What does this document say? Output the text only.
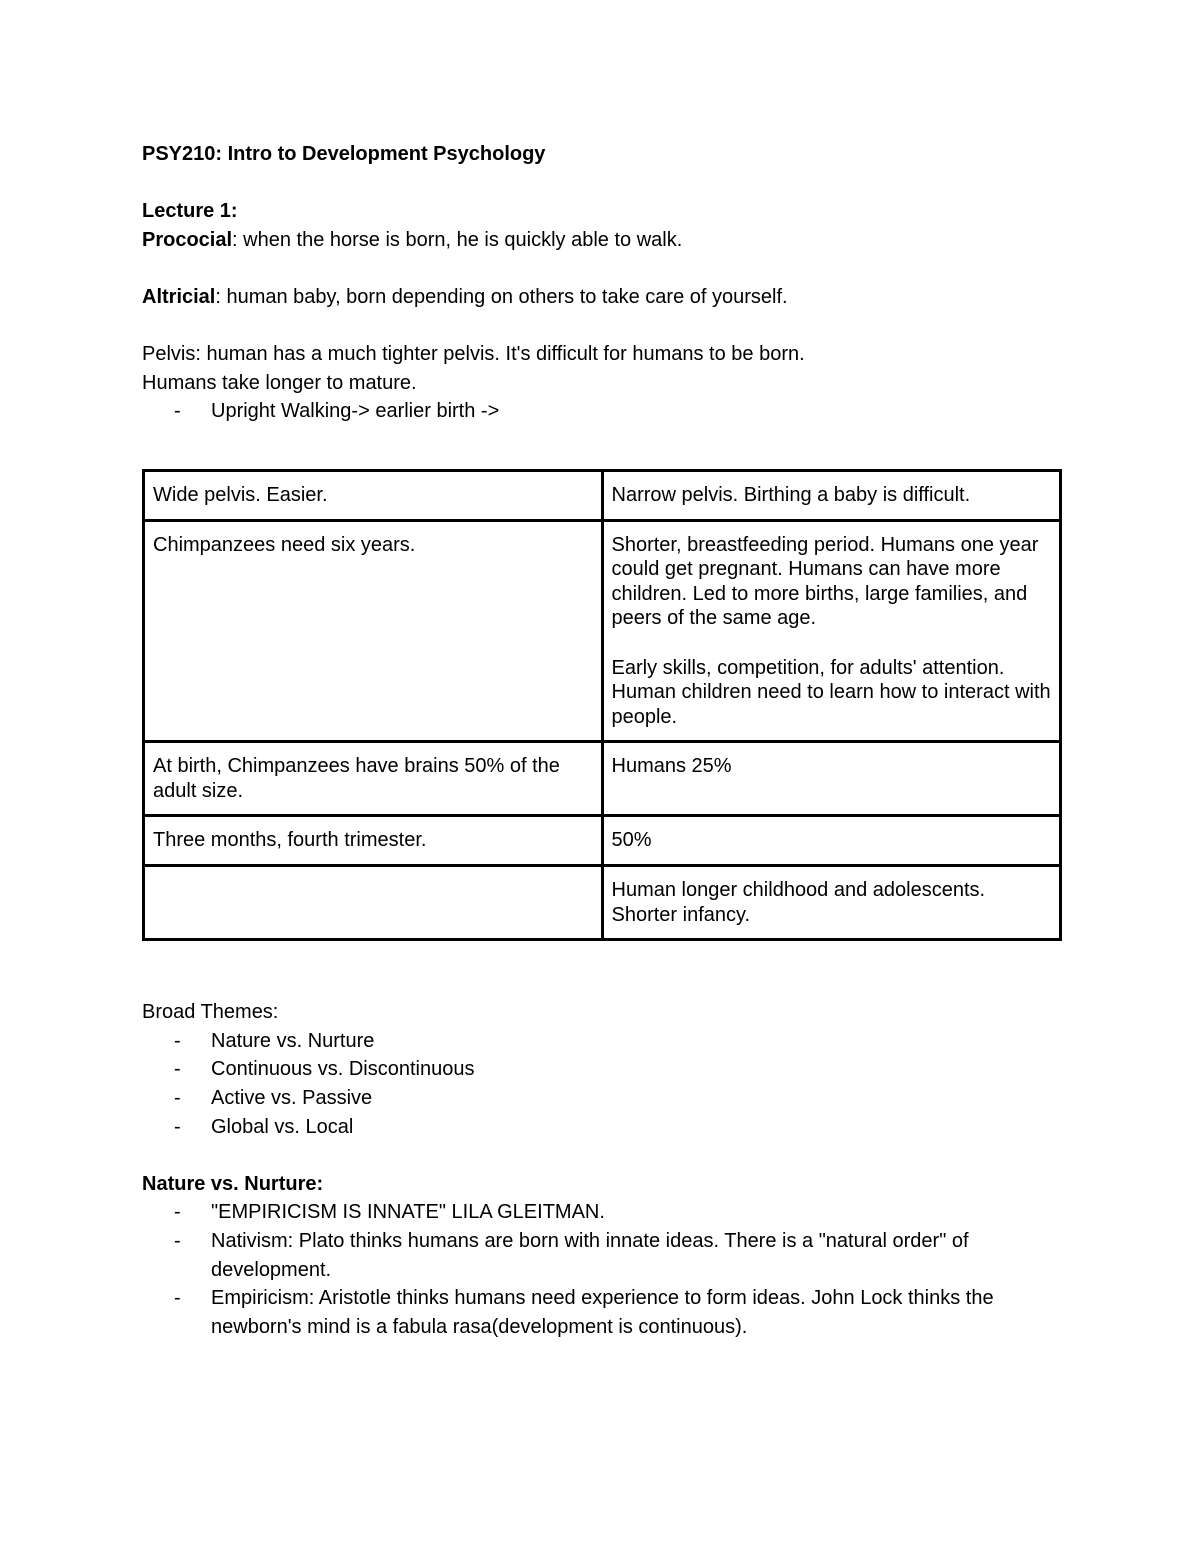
PSY210: Intro to Development Psychology
Lecture 1:
Prococial: when the horse is born, he is quickly able to walk.
Altricial: human baby, born depending on others to take care of yourself.
Pelvis: human has a much tighter pelvis. It's difficult for humans to be born.
Humans take longer to mature.
- Upright Walking-> earlier birth ->
Wide pelvis. Easier.	Narrow pelvis. Birthing a baby is difficult.

Chimpanzees need six years.	Shorter, breastfeeding period. Humans one year could get pregnant. Humans can have more children. Led to more births, large families, and peers of the same age.
Early skills, competition, for adults' attention. Human children need to learn how to interact with people.

At birth, Chimpanzees have brains 50% of the adult size.	Humans 25%

Three months, fourth trimester.	50%

	Human longer childhood and adolescents. Shorter infancy.
Broad Themes:
- Nature vs. Nurture
- Continuous vs. Discontinuous
- Active vs. Passive
- Global vs. Local
Nature vs. Nurture:
- "EMPIRICISM IS INNATE" LILA GLEITMAN.
- Nativism: Plato thinks humans are born with innate ideas. There is a "natural order" of development.
- Empiricism: Aristotle thinks humans need experience to form ideas. John Lock thinks the newborn's mind is a fabula rasa(development is continuous).
